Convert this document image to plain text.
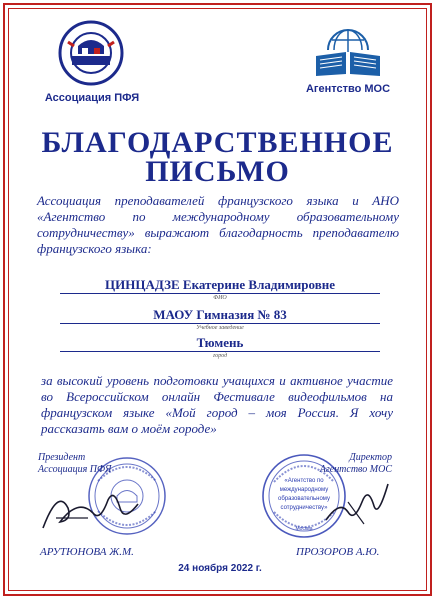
Ассоциация ПФЯ
Агентство МОС
БЛАГОДАРСТВЕННОЕ
ПИСЬМО
Ассоциация преподавателей французского языка и АНО «Агентство по международному образовательному сотрудничеству» выражают благодарность преподавателю французского языка:
ЦИНЦАДЗЕ Екатерине Владимировне
ФИО
МАОУ Гимназия № 83
Учебное заведение
Тюмень
город
за высокий уровень подготовки учащихся и активное участие во Всероссийском онлайн Фестивале видеофильмов на французском языке «Мой город – моя Россия. Я хочу рассказать вам о моём городе»
«Агентство по
международному
образовательному
сотрудничеству»
Москва
Президент
Ассоциация ПФЯ
Директор
Агентство МОС
АРУТЮНОВА Ж.М.	ПРОЗОРОВ А.Ю.
24 ноября 2022 г.
